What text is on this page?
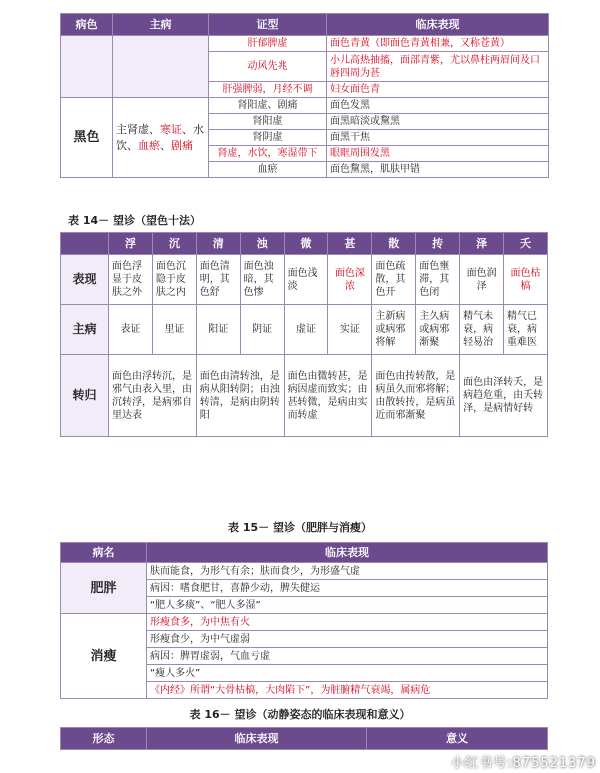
病色	主病	证型	临床表现
		肝郁脾虚	面色青黄（即面色青黄相兼，又称苍黄）
		动风先兆	小儿高热抽搐，面部青紫，尤以鼻柱两眉间及口唇四周为甚
		肝强脾弱，月经不调	妇女面色青
黑色	主肾虚、寒证、水饮、血瘀、剧痛	肾阳虚、剧痛	面色发黑
		肾阳虚	面黑暗淡或黧黑
		肾阴虚	面黑干焦
		肾虚，水饮，寒湿带下	眼眶周围发黑
		血瘀	面色黧黑，肌肤甲错
表 14－ 望诊（望色十法）
	浮	沉	清	浊	微	甚	散	抟	泽	夭
表现	面色浮显于皮肤之外	面色沉隐于皮肤之内	面色清明，其色舒	面色浊暗，其色惨	面色浅淡	面色深浓	面色疏散，其色开	面色壅滞，其色闭	面色润泽	面色枯槁
主病	表证	里证	阳证	阴证	虚证	实证	主新病或病邪将解	主久病或病邪渐聚	精气未衰，病轻易治	精气已衰，病重难医
转归	面色由浮转沉，是邪气由表入里，由沉转浮，是病邪自里达表		面色由清转浊，是病从阳转阴；由浊转清，是病由阴转阳		面色由微转甚，是病因虚而致实；由甚转微，是病由实而转虚		面色由抟转散，是病虽久而邪将解；由散转抟，是病虽近而邪渐聚		面色由泽转夭，是病趋危重，由夭转泽，是病情好转	
表 15－ 望诊（肥胖与消瘦）
病名	临床表现
肥胖	肤而能食，为形气有余；肤而食少，为形盛气虚
	病因：嗜食肥甘，喜静少动，脾失健运
	“肥人多痰”、“肥人多湿”
消瘦	形瘦食多，为中焦有火
	形瘦食少，为中气虚弱
	病因：脾胃虚弱，气血亏虚
	“瘦人多火”
	《内经》所谓“大骨枯槁，大肉陷下”，为脏腑精气衰竭，属病危
表 16－ 望诊（动静姿态的临床表现和意义）
形态	临床表现	意义
小红书号:875521379
